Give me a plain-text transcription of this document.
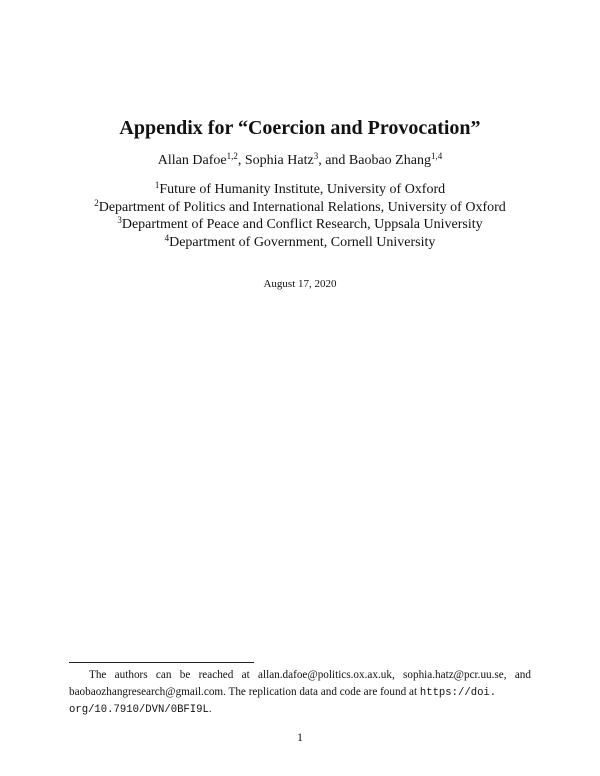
Appendix for “Coercion and Provocation”
Allan Dafoe$^{1,2}$, Sophia Hatz$^3$, and Baobao Zhang$^{1,4}$
$^1$Future of Humanity Institute, University of Oxford
$^2$Department of Politics and International Relations, University of Oxford
$^3$Department of Peace and Conflict Research, Uppsala University
$^4$Department of Government, Cornell University
August 17, 2020
The authors can be reached at allan.dafoe@politics.ox.ax.uk, sophia.hatz@pcr.uu.se, and baobaozhangresearch@gmail.com. The replication data and code are found at https://doi.
org/10.7910/DVN/0BFI9L.
1
